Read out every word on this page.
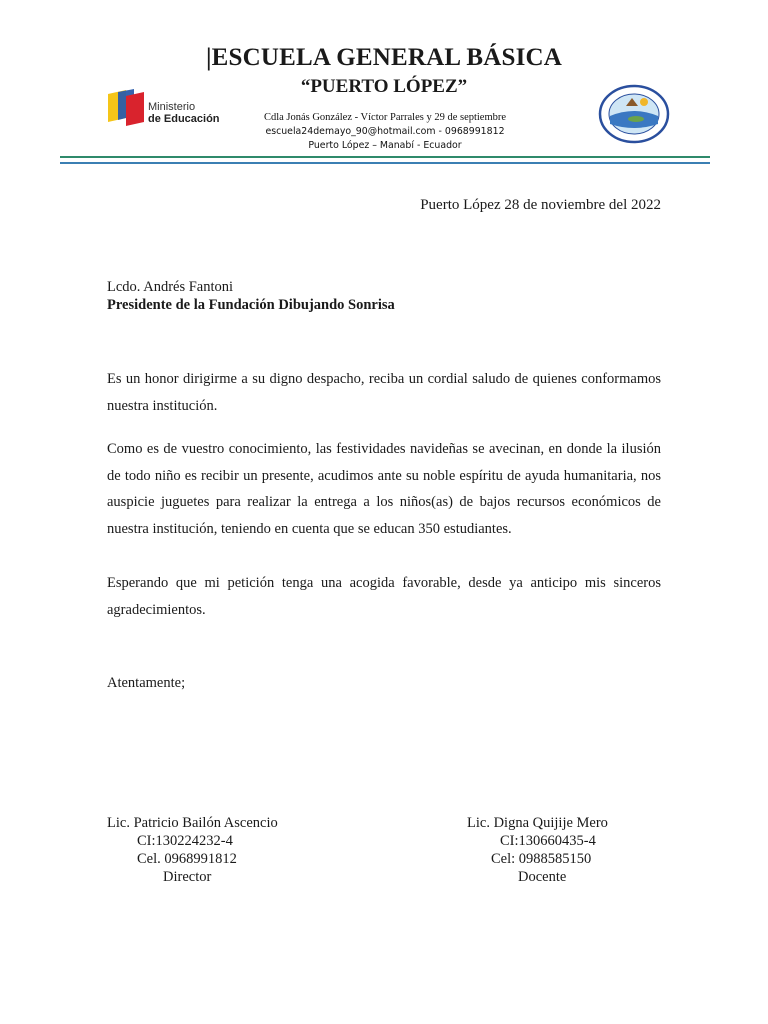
|ESCUELA GENERAL BÁSICA
“PUERTO LÓPEZ”
Ministerio
de Educación	Cdla Jonás González - Víctor Parrales y 29 de septiembre
escuela24demayo_90@hotmail.com - 0968991812
Puerto López – Manabí - Ecuador
Puerto López 28 de noviembre del 2022
Lcdo. Andrés Fantoni
Presidente de la Fundación Dibujando Sonrisa
Es un honor dirigirme a su digno despacho, reciba un cordial saludo de quienes conformamos nuestra institución.
Como es de vuestro conocimiento, las festividades navideñas se avecinan, en donde la ilusión de todo niño es recibir un presente, acudimos ante su noble espíritu de ayuda humanitaria, nos auspicie juguetes para realizar la entrega a los niños(as) de bajos recursos económicos de nuestra institución, teniendo en cuenta que se educan 350 estudiantes.
Esperando que mi petición tenga una acogida favorable, desde ya anticipo mis sinceros agradecimientos.
Atentamente;
Lic. Patricio Bailón Ascencio
CI:130224232-4
Cel. 0968991812
Director
Lic. Digna Quijije Mero
CI:130660435-4
Cel: 0988585150
Docente
